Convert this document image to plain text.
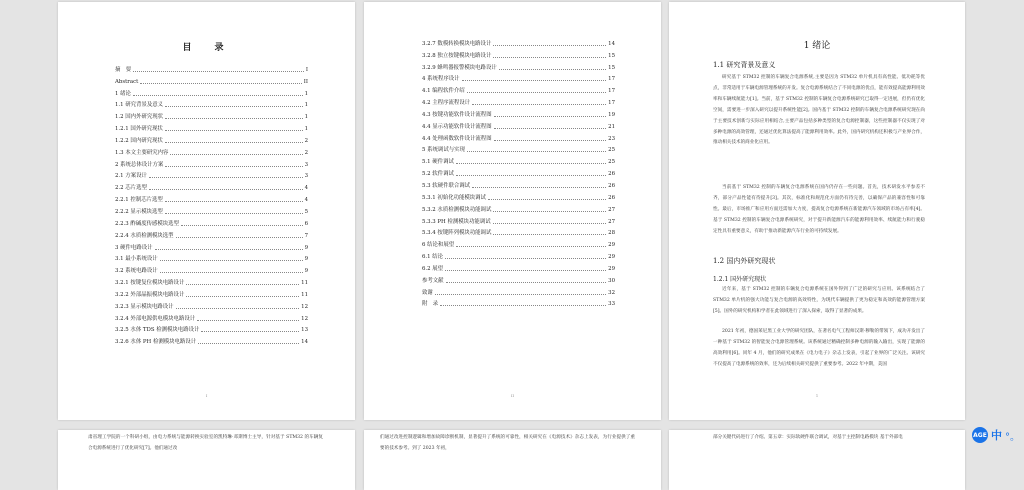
目　录
摘　要	I
Abstract	II
1 绪论	1
1.1 研究背景及意义	1
1.2 国内外研究现状	1
1.2.1 国外研究现状	1
1.2.2 国内研究现状	2
1.3 本文主要研究内容	2
2 系统总体设计方案	3
2.1 方案设计	3
2.2 芯片选型	4
2.2.1 控制芯片选型	4
2.2.2 显示模块选型	5
2.2.3 酢碱度传感模块选型	6
2.2.4 水质检测模块选型	7
3 硬件电路设计	9
3.1 最小系统设计	9
3.2 系统电路设计	9
3.2.1 按键复位模块电路设计	11
3.2.2 外部晶振模块电路设计	11
3.2.3 显示模块电路设计	12
3.2.4 外部电源供电模块电路设计	12
3.2.5 水体 TDS 检测模块电路设计	13
3.2.6 水体 PH 检测模块电路设计	14
I
3.2.7 数模转换模块电路设计	14
3.2.8 独立按键模块电路设计	15
3.2.9 蜂鸣器报警模块电路设计	15
4 系统程序设计	17
4.1 编程软件介绍	17
4.2 主程序流程设计	17
4.3 按键功能软件设计流程图	19
4.4 显示功能软件设计流程图	21
4.4 处理函数软件设计流程图	23
5 系统调试与实现	25
5.1 硬件调试	25
5.2 软件调试	26
5.3 软硬件联合调试	26
5.3.1 初始化功能模块调试	26
5.3.2 水质检测模块功能调试	27
5.3.3 PH 检测模块功能调试	27
5.3.4 按键阵列模块功能调试	28
6 结论和展望	29
6.1 结论	29
6.2 展望	29
参考文献	30
致谢	32
附　录	33
II
1 绪论
1.1 研究背景及意义
研究基于 STM32 控制的车辆复合电源系统,主要是因为 STM32 单片机具有高性能、低功耗等优点，非常适用于车辆电源管理系统的开发。复合电源系统结合了不同电源的优点，能有效提高能源利用效率和车辆续航能力[1]。当前，基于 STM32 控制的车辆复合电源系统研究已取得一定进展，但仍有优化空间，需要进一步深入研究以提升系统性能[2]。国内基于 STM32 控制的车辆复合电源系统研究现在尚于主要技术创新与实际应用相结合,主要产品包括多种类型的复合电源控制器，这些控制器不仅实现了对多种电源的高效管理，还通过优化算法提高了能源利用效率。此外，国内研究机构还积极与产业界合作，推动相关技术的商业化应用。
当前基于 STM32 控制的车辆复合电源系统在国内仍存在一些问题。首先，技术研发水平参差不齐，部分产品性能有待提升[3]。其次，标准化和规范化方面仍有待完善，以确保产品的兼容性和可靠性。最后，市场推广和应用方面还需加大力度，提高复合电源系统在新能源汽车领域的市场占有率[4]。基于 STM32 控制的车辆复合电源系统研究，对于提升新能源汽车的能源利用效率、续航能力和行驶稳定性具有重要意义，有助于推动新能源汽车行业的可持续发展。
1.2 国内外研究现状
1.2.1 国外研究现状
近年来，基于 STM32 控制的车辆复合电源系统在国外得到了广泛的研究与应用。该系统结合了 STM32 单片机的强大功能与复合电源的高效特性，为现代车辆提供了更为稳定和高效的能源管理方案[5]。国外的研究机构和学者在此领域进行了深入探索，取得了显著的成果。
2021 年初，德国莱尼黑工业大学的研究团队，在著名电气工程师汉斯·穆勒的带领下，成功开发出了一种基于 STM32 的智能复合电源管理系统。该系统通过精确控制多种电源的输入输出，实现了能源的高效利用[6]。同年 4 月，他们的研究成果在《电力电子》杂志上发表，引起了业界的广泛关注。该研究不仅提高了电源系统的效率，还为后续相关研究提供了重要参考。2022 年中期，美国
1
肃省理工学院的一个科研小组，由电力系统与能源转换实验室的凯特琳·邓斯博士主导，针对基于 STM32 的车辆复合电源系统进行了优化研究[7]。他们通过改
们通过改进控制逻辑和增加故障诊断机制，显著提升了系统的可靠性，相关研究在《电源技术》杂志上发表，为行业提供了重要的技术参考。到了 2023 年初，
部分关键代码进行了介绍。第五章：实际软硬件联合调试，对基于主控制电路模块 基于外部电	AGE 中 °。
